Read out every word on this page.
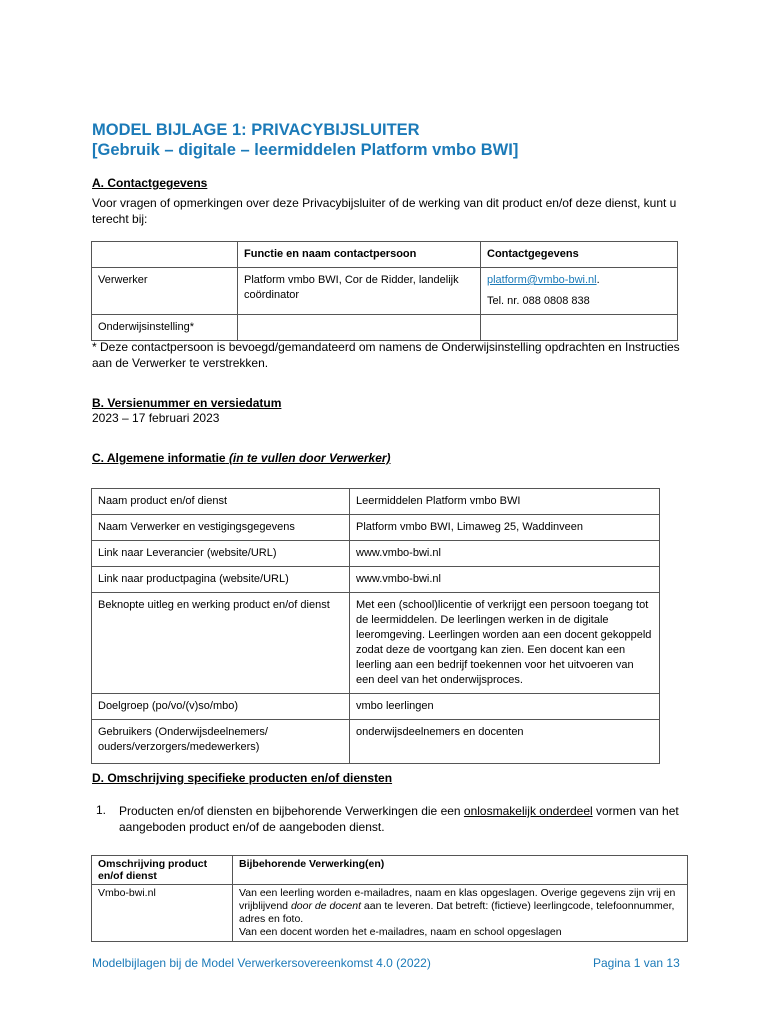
MODEL BIJLAGE 1: PRIVACYBIJSLUITER
[Gebruik – digitale – leermiddelen Platform vmbo BWI]
A. Contactgegevens
Voor vragen of opmerkingen over deze Privacybijsluiter of de werking van dit product en/of deze dienst, kunt u terecht bij:
	Functie en naam contactpersoon	Contactgegevens
Verwerker	Platform vmbo BWI, Cor de Ridder, landelijk coördinator	platform@vmbo-bwi.nl.
Tel. nr. 088 0808 838

Onderwijsinstelling*		
* Deze contactpersoon is bevoegd/gemandateerd om namens de Onderwijsinstelling opdrachten en Instructies aan de Verwerker te verstrekken.
B. Versienummer en versiedatum
2023 – 17 februari 2023
C. Algemene informatie (in te vullen door Verwerker)
Naam product en/of dienst	Leermiddelen Platform vmbo BWI
Naam Verwerker en vestigingsgegevens	Platform vmbo BWI, Limaweg 25, Waddinveen
Link naar Leverancier (website/URL)	www.vmbo-bwi.nl
Link naar productpagina (website/URL)	www.vmbo-bwi.nl
Beknopte uitleg en werking product en/of dienst	Met een (school)licentie of verkrijgt een persoon toegang tot de leermiddelen. De leerlingen werken in de digitale leeromgeving. Leerlingen worden aan een docent gekoppeld zodat deze de voortgang kan zien. Een docent kan een leerling aan een bedrijf toekennen voor het uitvoeren van een deel van het onderwijsproces.
Doelgroep (po/vo/(v)so/mbo)	vmbo leerlingen
Gebruikers (Onderwijsdeelnemers/ ouders/verzorgers/medewerkers)	onderwijsdeelnemers en docenten
D. Omschrijving specifieke producten en/of diensten
1. Producten en/of diensten en bijbehorende Verwerkingen die een onlosmakelijk onderdeel vormen van het aangeboden product en/of de aangeboden dienst.
Omschrijving product en/of dienst	Bijbehorende Verwerking(en)
Vmbo-bwi.nl	Van een leerling worden e-mailadres, naam en klas opgeslagen. Overige gegevens zijn vrij en vrijblijvend door de docent aan te leveren. Dat betreft: (fictieve) leerlingcode, telefoonnummer, adres en foto.
Van een docent worden het e-mailadres, naam en school opgeslagen
Modelbijlagen bij de Model Verwerkersovereenkomst 4.0 (2022)	Pagina 1 van 13
